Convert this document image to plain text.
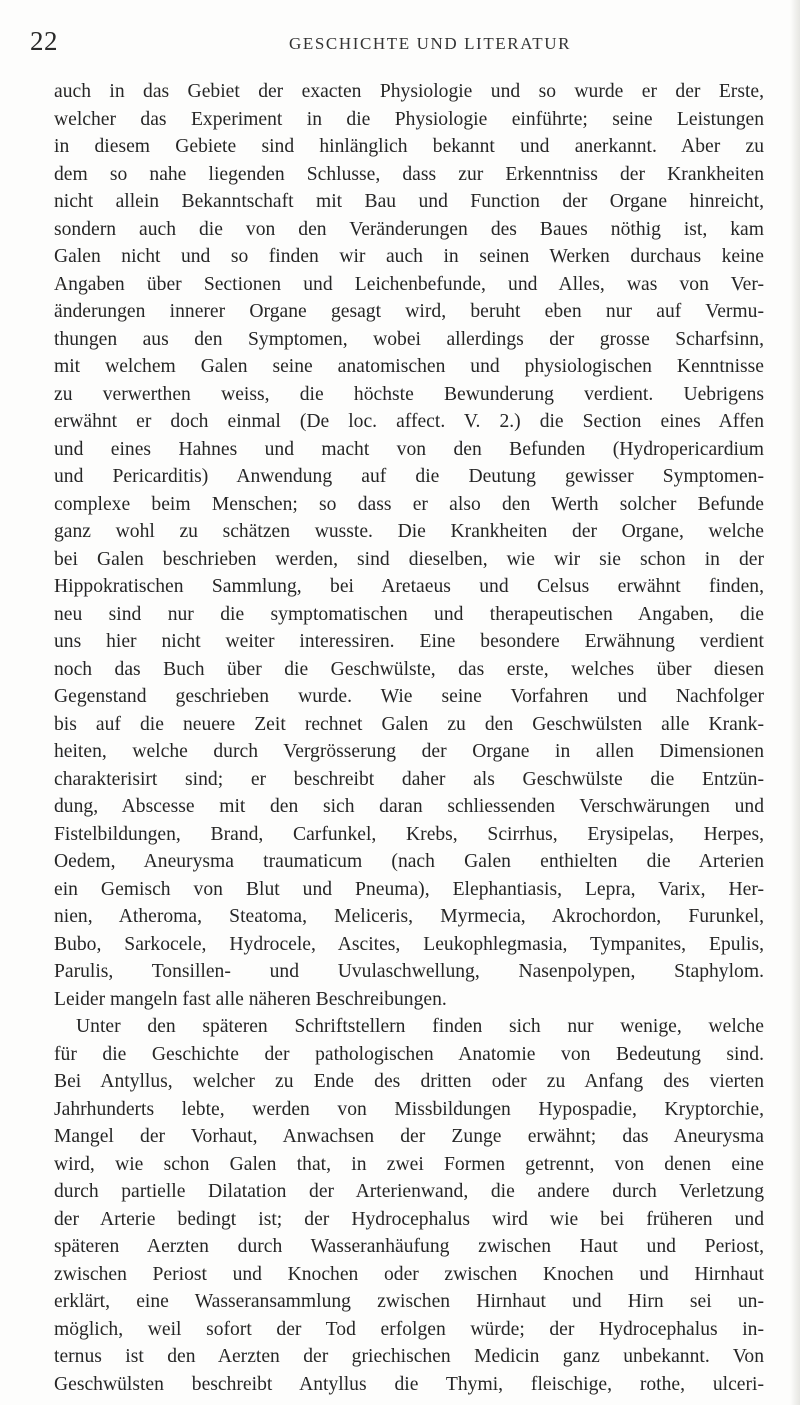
22	GESCHICHTE UND LITERATUR
auch in das Gebiet der exacten Physiologie und so wurde er der Erste,
welcher das Experiment in die Physiologie einführte; seine Leistungen
in diesem Gebiete sind hinlänglich bekannt und anerkannt. Aber zu
dem so nahe liegenden Schlusse, dass zur Erkenntniss der Krankheiten
nicht allein Bekanntschaft mit Bau und Function der Organe hinreicht,
sondern auch die von den Veränderungen des Baues nöthig ist, kam
Galen nicht und so finden wir auch in seinen Werken durchaus keine
Angaben über Sectionen und Leichenbefunde, und Alles, was von Ver-
änderungen innerer Organe gesagt wird, beruht eben nur auf Vermu-
thungen aus den Symptomen, wobei allerdings der grosse Scharfsinn,
mit welchem Galen seine anatomischen und physiologischen Kenntnisse
zu verwerthen weiss, die höchste Bewunderung verdient. Uebrigens
erwähnt er doch einmal (De loc. affect. V. 2.) die Section eines Affen
und eines Hahnes und macht von den Befunden (Hydropericardium
und Pericarditis) Anwendung auf die Deutung gewisser Symptomen-
complexe beim Menschen; so dass er also den Werth solcher Befunde
ganz wohl zu schätzen wusste. Die Krankheiten der Organe, welche
bei Galen beschrieben werden, sind dieselben, wie wir sie schon in der
Hippokratischen Sammlung, bei Aretaeus und Celsus erwähnt finden,
neu sind nur die symptomatischen und therapeutischen Angaben, die
uns hier nicht weiter interessiren. Eine besondere Erwähnung verdient
noch das Buch über die Geschwülste, das erste, welches über diesen
Gegenstand geschrieben wurde. Wie seine Vorfahren und Nachfolger
bis auf die neuere Zeit rechnet Galen zu den Geschwülsten alle Krank-
heiten, welche durch Vergrösserung der Organe in allen Dimensionen
charakterisirt sind; er beschreibt daher als Geschwülste die Entzün-
dung, Abscesse mit den sich daran schliessenden Verschwärungen und
Fistelbildungen, Brand, Carfunkel, Krebs, Scirrhus, Erysipelas, Herpes,
Oedem, Aneurysma traumaticum (nach Galen enthielten die Arterien
ein Gemisch von Blut und Pneuma), Elephantiasis, Lepra, Varix, Her-
nien, Atheroma, Steatoma, Meliceris, Myrmecia, Akrochordon, Furunkel,
Bubo, Sarkocele, Hydrocele, Ascites, Leukophlegmasia, Tympanites, Epulis,
Parulis, Tonsillen- und Uvulaschwellung, Nasenpolypen, Staphylom.
Leider mangeln fast alle näheren Beschreibungen.
Unter den späteren Schriftstellern finden sich nur wenige, welche
für die Geschichte der pathologischen Anatomie von Bedeutung sind.
Bei Antyllus, welcher zu Ende des dritten oder zu Anfang des vierten
Jahrhunderts lebte, werden von Missbildungen Hypospadie, Kryptorchie,
Mangel der Vorhaut, Anwachsen der Zunge erwähnt; das Aneurysma
wird, wie schon Galen that, in zwei Formen getrennt, von denen eine
durch partielle Dilatation der Arterienwand, die andere durch Verletzung
der Arterie bedingt ist; der Hydrocephalus wird wie bei früheren und
späteren Aerzten durch Wasseranhäufung zwischen Haut und Periost,
zwischen Periost und Knochen oder zwischen Knochen und Hirnhaut
erklärt, eine Wasseransammlung zwischen Hirnhaut und Hirn sei un-
möglich, weil sofort der Tod erfolgen würde; der Hydrocephalus in-
ternus ist den Aerzten der griechischen Medicin ganz unbekannt. Von
Geschwülsten beschreibt Antyllus die Thymi, fleischige, rothe, ulceri-
